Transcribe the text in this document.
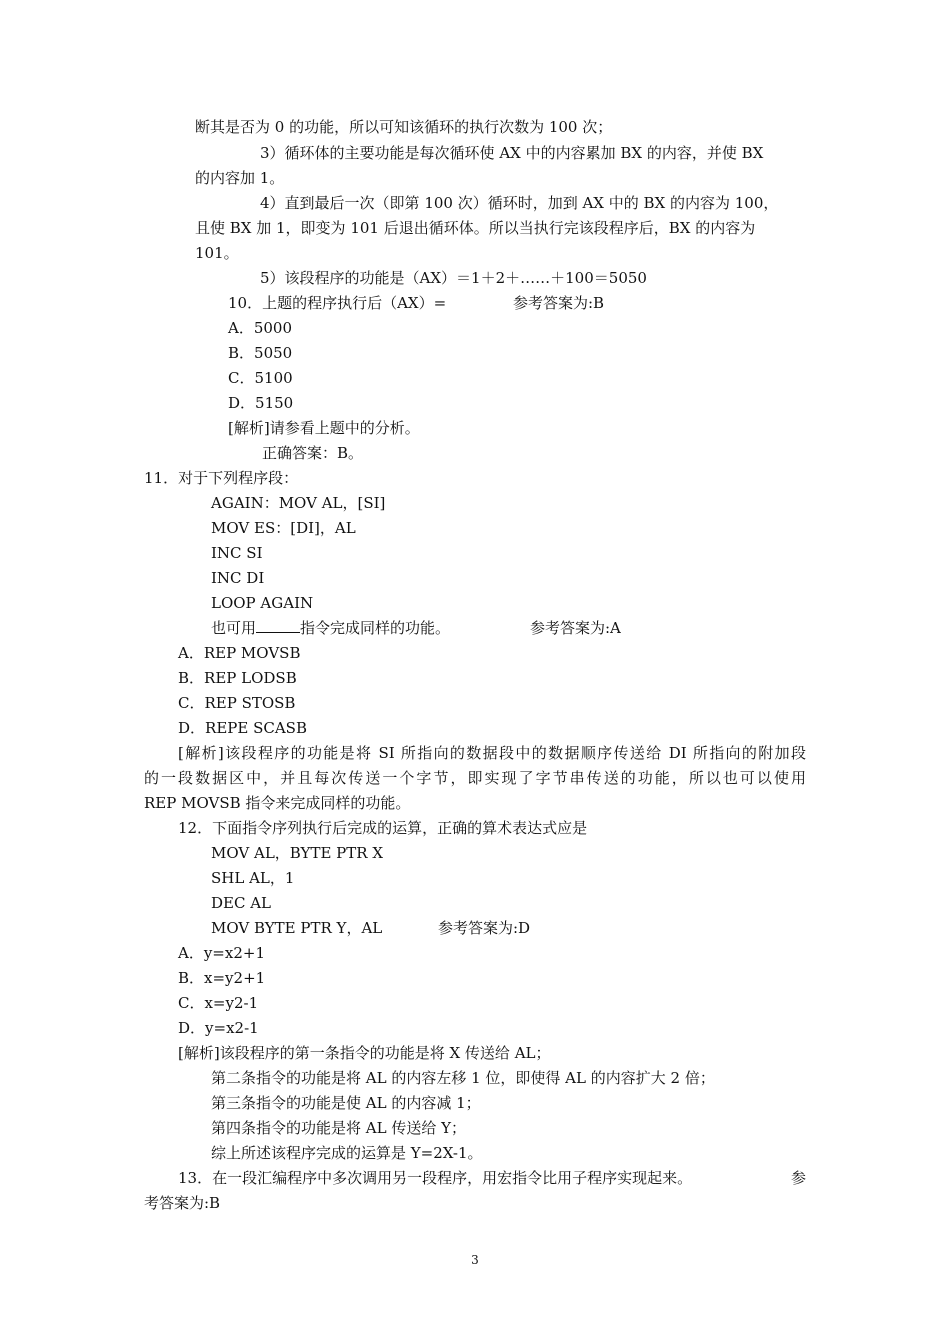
断其是否为 0 的功能，所以可知该循环的执行次数为 100 次；
3）循环体的主要功能是每次循环使 AX 中的内容累加 BX 的内容，并使 BX
的内容加 1。
4）直到最后一次（即第 100 次）循环时，加到 AX 中的 BX 的内容为 100，
且使 BX 加 1，即变为 101 后退出循环体。所以当执行完该段程序后，BX 的内容为
101。
5）该段程序的功能是（AX）＝1＋2＋……＋100＝5050
10．上题的程序执行后（AX）=	参考答案为:B
A．5000
B．5050
C．5100
D．5150
[解析]请参看上题中的分析。
正确答案：B。
11．对于下列程序段：
AGAIN：MOV AL，[SI]
MOV ES：[DI]，AL
INC SI
INC DI
LOOP AGAIN
也可用	指令完成同样的功能。	参考答案为:A
A．REP MOVSB
B．REP LODSB
C．REP STOSB
D．REPE SCASB
[解析]该段程序的功能是将 SI 所指向的数据段中的数据顺序传送给 DI 所指向的附加段
的一段数据区中，并且每次传送一个字节，即实现了字节串传送的功能，所以也可以使用
REP MOVSB 指令来完成同样的功能。
12．下面指令序列执行后完成的运算，正确的算术表达式应是
MOV AL，BYTE PTR X
SHL AL，1
DEC AL
MOV BYTE PTR Y，AL	参考答案为:D
A．y=x2+1
B．x=y2+1
C．x=y2-1
D．y=x2-1
[解析]该段程序的第一条指令的功能是将 X 传送给 AL；
第二条指令的功能是将 AL 的内容左移 1 位，即使得 AL 的内容扩大 2 倍；
第三条指令的功能是使 AL 的内容减 1；
第四条指令的功能是将 AL 传送给 Y；
综上所述该程序完成的运算是 Y=2X-1。
13．在一段汇编程序中多次调用另一段程序，用宏指令比用子程序实现起来。	参
考答案为:B
3
